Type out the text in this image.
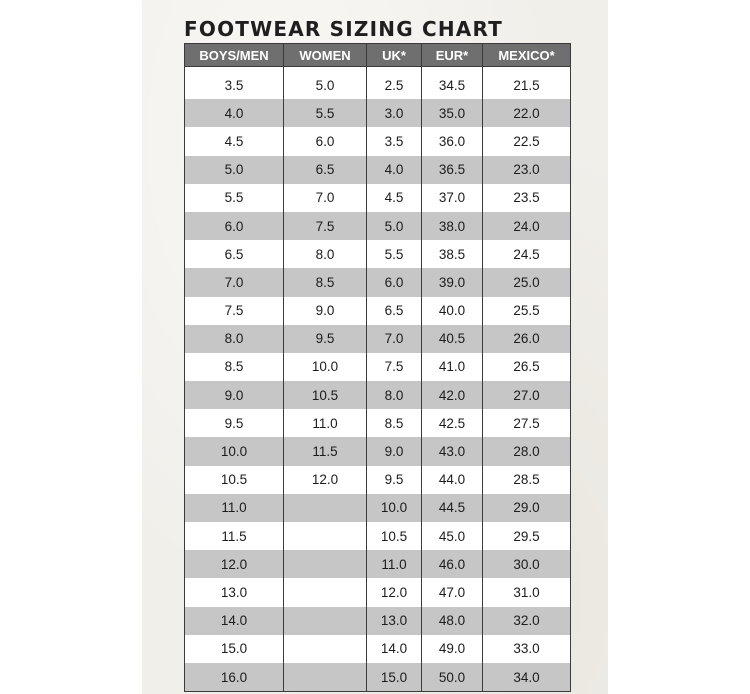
FOOTWEAR SIZING CHART
BOYS/MEN	WOMEN	UK*	EUR*	MEXICO*

3.5	5.0	2.5	34.5	21.5
4.0	5.5	3.0	35.0	22.0
4.5	6.0	3.5	36.0	22.5
5.0	6.5	4.0	36.5	23.0
5.5	7.0	4.5	37.0	23.5
6.0	7.5	5.0	38.0	24.0
6.5	8.0	5.5	38.5	24.5
7.0	8.5	6.0	39.0	25.0
7.5	9.0	6.5	40.0	25.5
8.0	9.5	7.0	40.5	26.0
8.5	10.0	7.5	41.0	26.5
9.0	10.5	8.0	42.0	27.0
9.5	11.0	8.5	42.5	27.5
10.0	11.5	9.0	43.0	28.0
10.5	12.0	9.5	44.0	28.5
11.0		10.0	44.5	29.0
11.5		10.5	45.0	29.5
12.0		11.0	46.0	30.0
13.0		12.0	47.0	31.0
14.0		13.0	48.0	32.0
15.0		14.0	49.0	33.0
16.0		15.0	50.0	34.0
